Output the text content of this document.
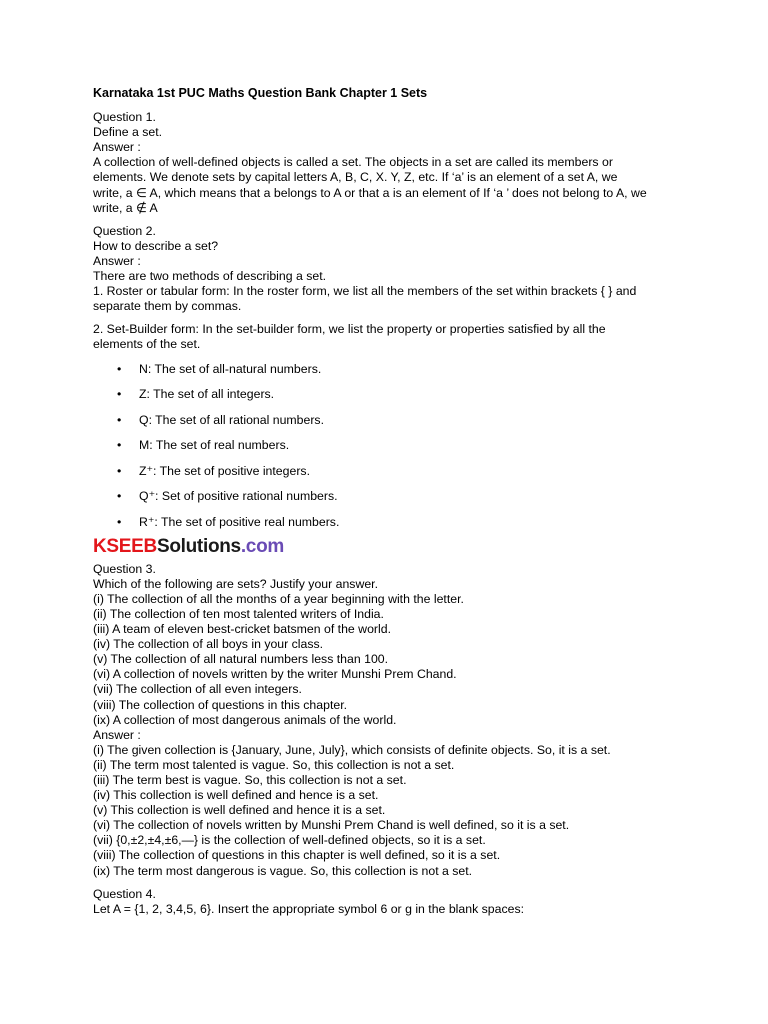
Karnataka 1st PUC Maths Question Bank Chapter 1 Sets
Question 1.
Define a set.
Answer :
A collection of well-defined objects is called a set. The objects in a set are called its members or
elements. We denote sets by capital letters A, B, C, X. Y, Z, etc. If ‘a’ is an element of a set A, we
write, a ∈ A, which means that a belongs to A or that a is an element of If ‘a ’ does not belong to A, we
write, a ∉ A
Question 2.
How to describe a set?
Answer :
There are two methods of describing a set.
1. Roster or tabular form: In the roster form, we list all the members of the set within brackets { } and
separate them by commas.
2. Set-Builder form: In the set-builder form, we list the property or properties satisfied by all the
elements of the set.
• N: The set of all-natural numbers.
• Z: The set of all integers.
• Q: The set of all rational numbers.
• M: The set of real numbers.
• Z⁺: The set of positive integers.
• Q⁺: Set of positive rational numbers.
• R⁺: The set of positive real numbers.
KSEEBSolutions.com
Question 3.
Which of the following are sets? Justify your answer.
(i) The collection of all the months of a year beginning with the letter.
(ii) The collection of ten most talented writers of India.
(iii) A team of eleven best-cricket batsmen of the world.
(iv) The collection of all boys in your class.
(v) The collection of all natural numbers less than 100.
(vi) A collection of novels written by the writer Munshi Prem Chand.
(vii) The collection of all even integers.
(viii) The collection of questions in this chapter.
(ix) A collection of most dangerous animals of the world.
Answer :
(i) The given collection is {January, June, July}, which consists of definite objects. So, it is a set.
(ii) The term most talented is vague. So, this collection is not a set.
(iii) The term best is vague. So, this collection is not a set.
(iv) This collection is well defined and hence is a set.
(v) This collection is well defined and hence it is a set.
(vi) The collection of novels written by Munshi Prem Chand is well defined, so it is a set.
(vii) {0,±2,±4,±6,—} is the collection of well-defined objects, so it is a set.
(viii) The collection of questions in this chapter is well defined, so it is a set.
(ix) The term most dangerous is vague. So, this collection is not a set.
Question 4.
Let A = {1, 2, 3,4,5, 6}. Insert the appropriate symbol 6 or g in the blank spaces:
